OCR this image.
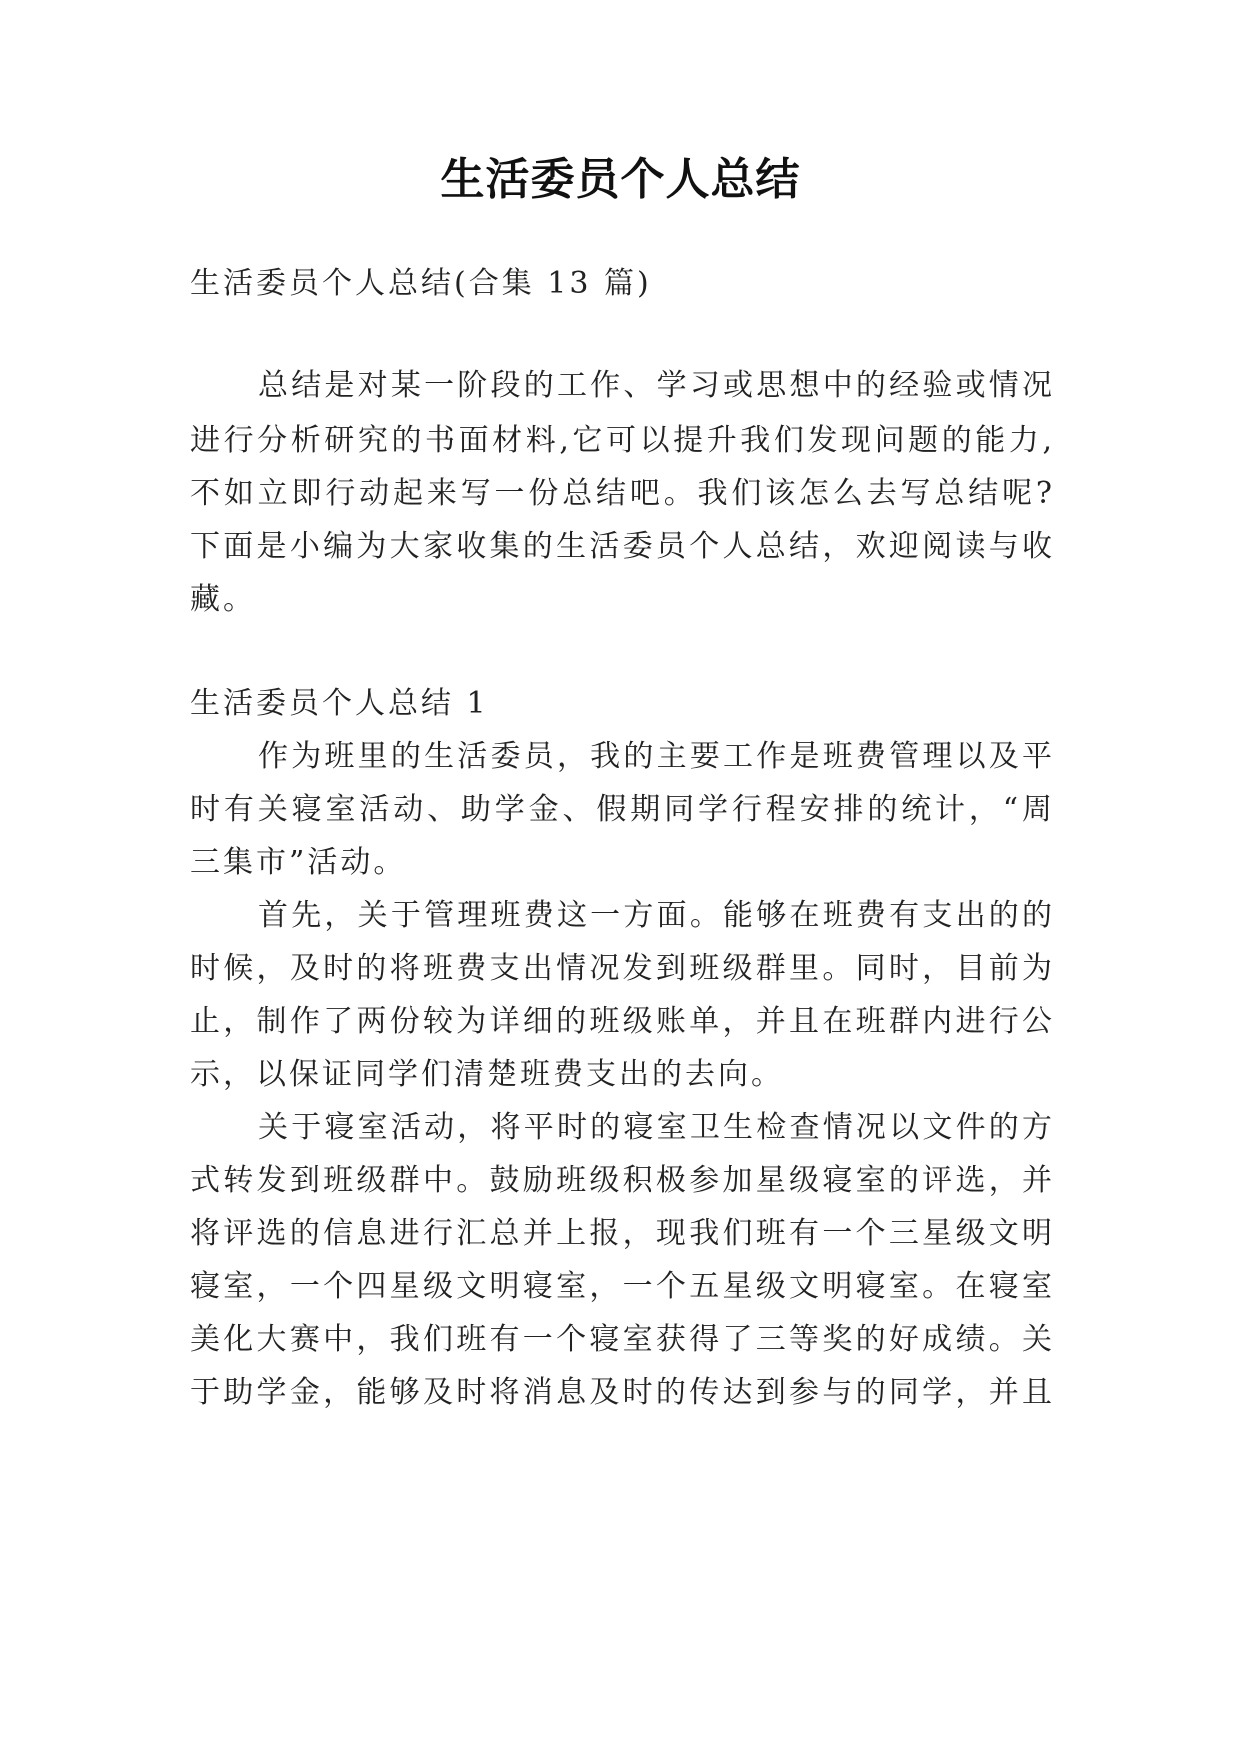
生活委员个人总结

生活委员个人总结(合集 13 篇)

总结是对某一阶段的工作、学习或思想中的经验或情况

进行分析研究的书面材料,它可以提升我们发现问题的能力,

不如立即行动起来写一份总结吧。我们该怎么去写总结呢?

下面是小编为大家收集的生活委员个人总结，欢迎阅读与收

藏。

生活委员个人总结 1

作为班里的生活委员，我的主要工作是班费管理以及平

时有关寝室活动、助学金、假期同学行程安排的统计，“周

三集市”活动。

首先，关于管理班费这一方面。能够在班费有支出的的

时候，及时的将班费支出情况发到班级群里。同时，目前为

止，制作了两份较为详细的班级账单，并且在班群内进行公

示，以保证同学们清楚班费支出的去向。

关于寝室活动，将平时的寝室卫生检查情况以文件的方

式转发到班级群中。鼓励班级积极参加星级寝室的评选，并

将评选的信息进行汇总并上报，现我们班有一个三星级文明

寝室，一个四星级文明寝室，一个五星级文明寝室。在寝室

美化大赛中，我们班有一个寝室获得了三等奖的好成绩。关

于助学金，能够及时将消息及时的传达到参与的同学，并且
